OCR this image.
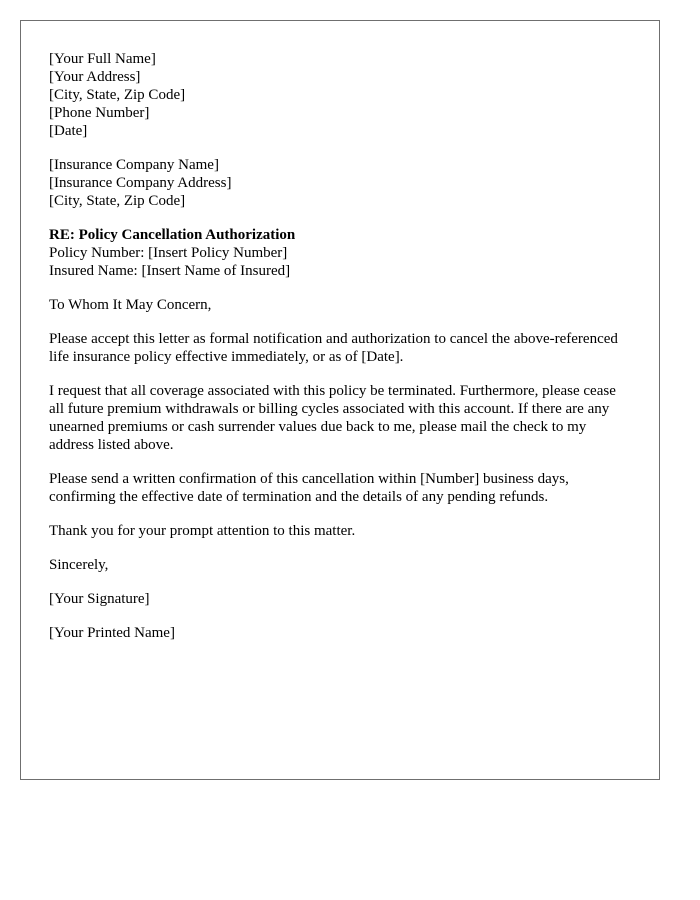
[Your Full Name]
[Your Address]
[City, State, Zip Code]
[Phone Number]
[Date]
[Insurance Company Name]
[Insurance Company Address]
[City, State, Zip Code]
RE: Policy Cancellation Authorization
Policy Number: [Insert Policy Number]
Insured Name: [Insert Name of Insured]

To Whom It May Concern,

Please accept this letter as formal notification and authorization to cancel the above-referenced life insurance policy effective immediately, or as of [Date].

I request that all coverage associated with this policy be terminated. Furthermore, please cease all future premium withdrawals or billing cycles associated with this account. If there are any unearned premiums or cash surrender values due back to me, please mail the check to my address listed above.

Please send a written confirmation of this cancellation within [Number] business days, confirming the effective date of termination and the details of any pending refunds.

Thank you for your prompt attention to this matter.

Sincerely,

[Your Signature]

[Your Printed Name]
